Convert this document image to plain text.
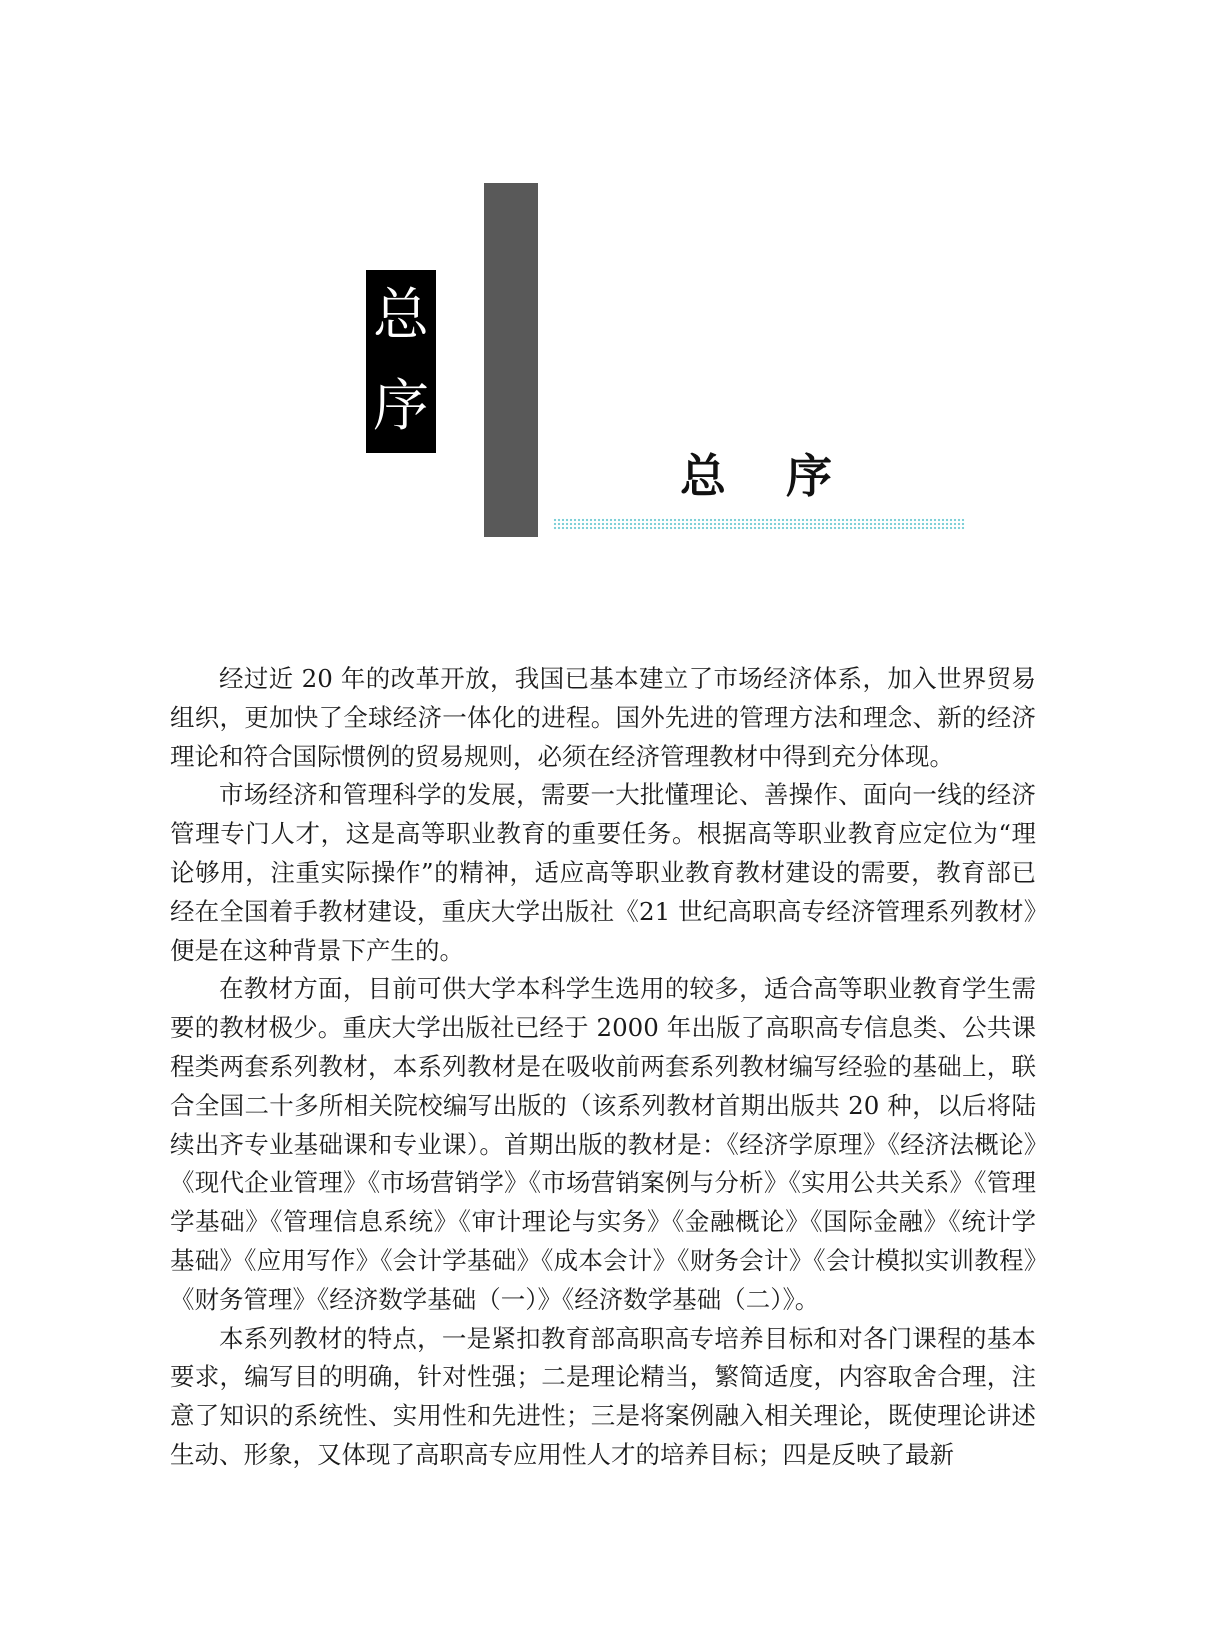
总
序
总 序

经过近 20 年的改革开放，我国已基本建立了市场经济体系，加入世界贸易组织，更加快了全球经济一体化的进程。国外先进的管理方法和理念、新的经济理论和符合国际惯例的贸易规则，必须在经济管理教材中得到充分体现。

市场经济和管理科学的发展，需要一大批懂理论、善操作、面向一线的经济管理专门人才，这是高等职业教育的重要任务。根据高等职业教育应定位为“理论够用，注重实际操作”的精神，适应高等职业教育教材建设的需要，教育部已经在全国着手教材建设，重庆大学出版社《21 世纪高职高专经济管理系列教材》便是在这种背景下产生的。

在教材方面，目前可供大学本科学生选用的较多，适合高等职业教育学生需要的教材极少。重庆大学出版社已经于 2000 年出版了高职高专信息类、公共课程类两套系列教材，本系列教材是在吸收前两套系列教材编写经验的基础上，联合全国二十多所相关院校编写出版的（该系列教材首期出版共 20 种，以后将陆续出齐专业基础课和专业课）。首期出版的教材是：《经济学原理》《经济法概论》《现代企业管理》《市场营销学》《市场营销案例与分析》《实用公共关系》《管理学基础》《管理信息系统》《审计理论与实务》《金融概论》《国际金融》《统计学基础》《应用写作》《会计学基础》《成本会计》《财务会计》《会计模拟实训教程》《财务管理》《经济数学基础（一）》《经济数学基础（二）》。

本系列教材的特点，一是紧扣教育部高职高专培养目标和对各门课程的基本要求，编写目的明确，针对性强；二是理论精当，繁简适度，内容取舍合理，注意了知识的系统性、实用性和先进性；三是将案例融入相关理论，既使理论讲述生动、形象，又体现了高职高专应用性人才的培养目标；四是反映了最新
